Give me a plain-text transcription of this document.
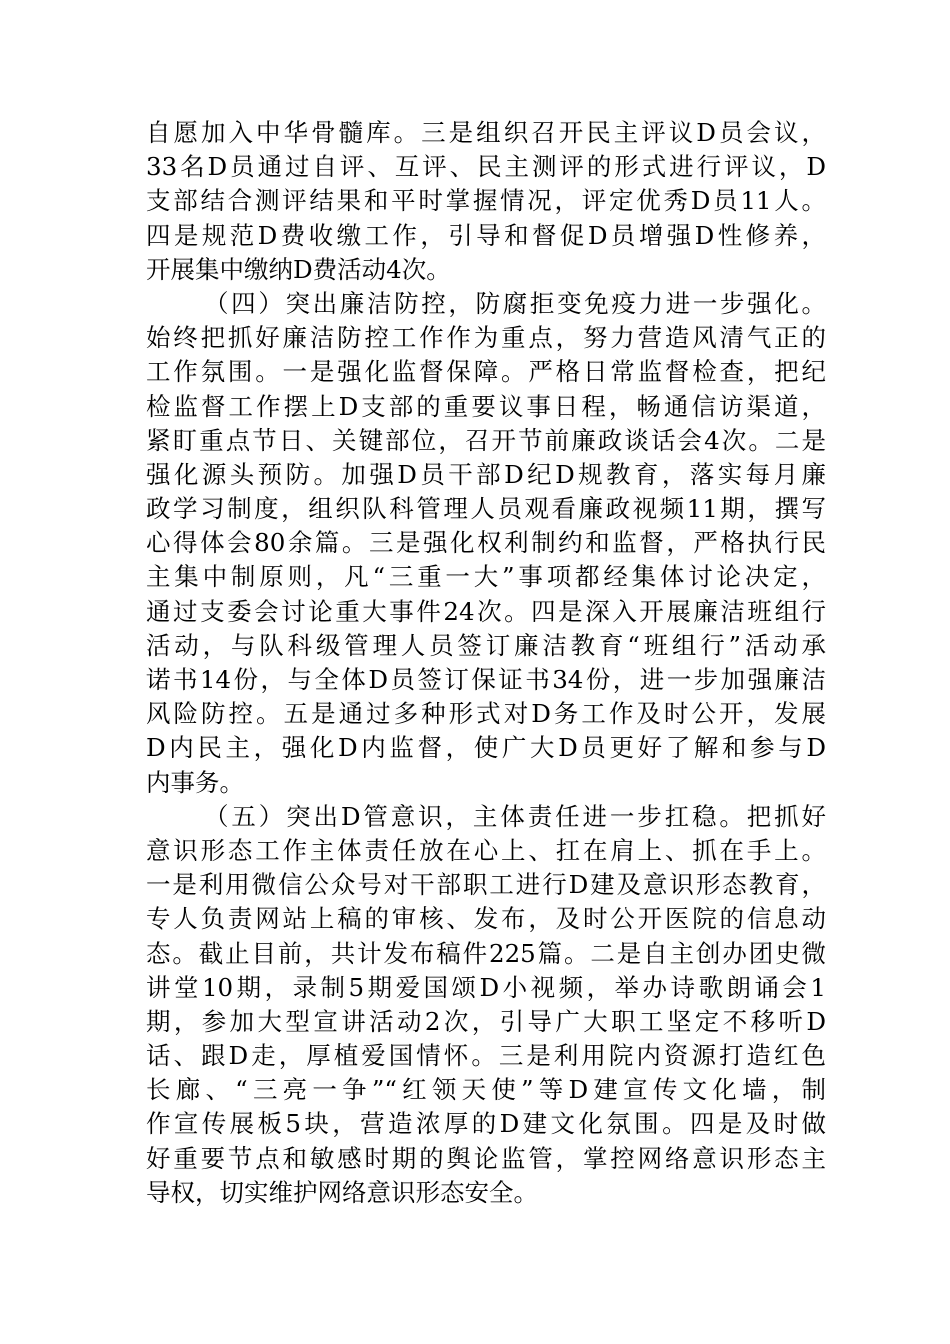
自愿加入中华骨髓库。三是组织召开民主评议D员会议，
33名D员通过自评、互评、民主测评的形式进行评议，D
支部结合测评结果和平时掌握情况，评定优秀D员11人。
四是规范D费收缴工作，引导和督促D员增强D性修养，
开展集中缴纳D费活动4次。
（四）突出廉洁防控，防腐拒变免疫力进一步强化。
始终把抓好廉洁防控工作作为重点，努力营造风清气正的
工作氛围。一是强化监督保障。严格日常监督检查，把纪
检监督工作摆上D支部的重要议事日程，畅通信访渠道，
紧盯重点节日、关键部位，召开节前廉政谈话会4次。二是
强化源头预防。加强D员干部D纪D规教育，落实每月廉
政学习制度，组织队科管理人员观看廉政视频11期，撰写
心得体会80余篇。三是强化权利制约和监督，严格执行民
主集中制原则，凡“三重一大”事项都经集体讨论决定，
通过支委会讨论重大事件24次。四是深入开展廉洁班组行
活动，与队科级管理人员签订廉洁教育“班组行”活动承
诺书14份，与全体D员签订保证书34份，进一步加强廉洁
风险防控。五是通过多种形式对D务工作及时公开，发展
D内民主，强化D内监督，使广大D员更好了解和参与D
内事务。
（五）突出D管意识，主体责任进一步扛稳。把抓好
意识形态工作主体责任放在心上、扛在肩上、抓在手上。
一是利用微信公众号对干部职工进行D建及意识形态教育，
专人负责网站上稿的审核、发布，及时公开医院的信息动
态。截止目前，共计发布稿件225篇。二是自主创办团史微
讲堂10期，录制5期爱国颂D小视频，举办诗歌朗诵会1
期，参加大型宣讲活动2次，引导广大职工坚定不移听D
话、跟D走，厚植爱国情怀。三是利用院内资源打造红色
长廊、“三亮一争”“红领天使”等D建宣传文化墙，制
作宣传展板5块，营造浓厚的D建文化氛围。四是及时做
好重要节点和敏感时期的舆论监管，掌控网络意识形态主
导权，切实维护网络意识形态安全。
